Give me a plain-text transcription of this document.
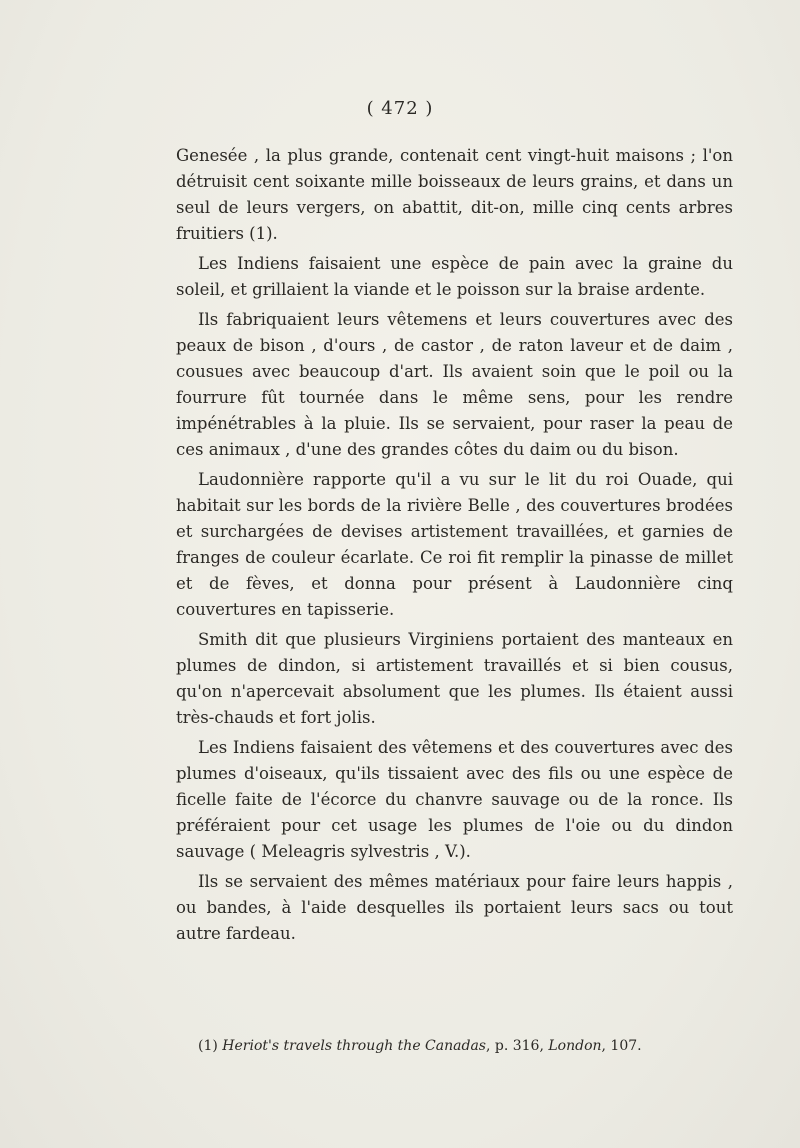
( 472 )

Genesée , la plus grande, contenait cent vingt-huit maisons ; l'on détruisit cent soixante mille boisseaux de leurs grains, et dans un seul de leurs vergers, on abattit, dit-on, mille cinq cents arbres fruitiers (1).

Les Indiens faisaient une espèce de pain avec la graine du soleil, et grillaient la viande et le poisson sur la braise ardente.

Ils fabriquaient leurs vêtemens et leurs couvertures avec des peaux de bison , d'ours , de castor , de raton laveur et de daim , cousues avec beaucoup d'art. Ils avaient soin que le poil ou la fourrure fût tournée dans le même sens, pour les rendre impénétrables à la pluie. Ils se servaient, pour raser la peau de ces animaux , d'une des grandes côtes du daim ou du bison.

Laudonnière rapporte qu'il a vu sur le lit du roi Ouade, qui habitait sur les bords de la rivière Belle , des couvertures brodées et surchargées de devises artistement travaillées, et garnies de franges de couleur écarlate. Ce roi fit remplir la pinasse de millet et de fèves, et donna pour présent à Laudonnière cinq couvertures en tapisserie.

Smith dit que plusieurs Virginiens portaient des manteaux en plumes de dindon, si artistement travaillés et si bien cousus, qu'on n'apercevait absolument que les plumes. Ils étaient aussi très-chauds et fort jolis.

Les Indiens faisaient des vêtemens et des couvertures avec des plumes d'oiseaux, qu'ils tissaient avec des fils ou une espèce de ficelle faite de l'écorce du chanvre sauvage ou de la ronce. Ils préféraient pour cet usage les plumes de l'oie ou du dindon sauvage ( Meleagris sylvestris , V.).

Ils se servaient des mêmes matériaux pour faire leurs happis , ou bandes, à l'aide desquelles ils portaient leurs sacs ou tout autre fardeau.

(1) Heriot's travels through the Canadas, p. 316, London, 107.
